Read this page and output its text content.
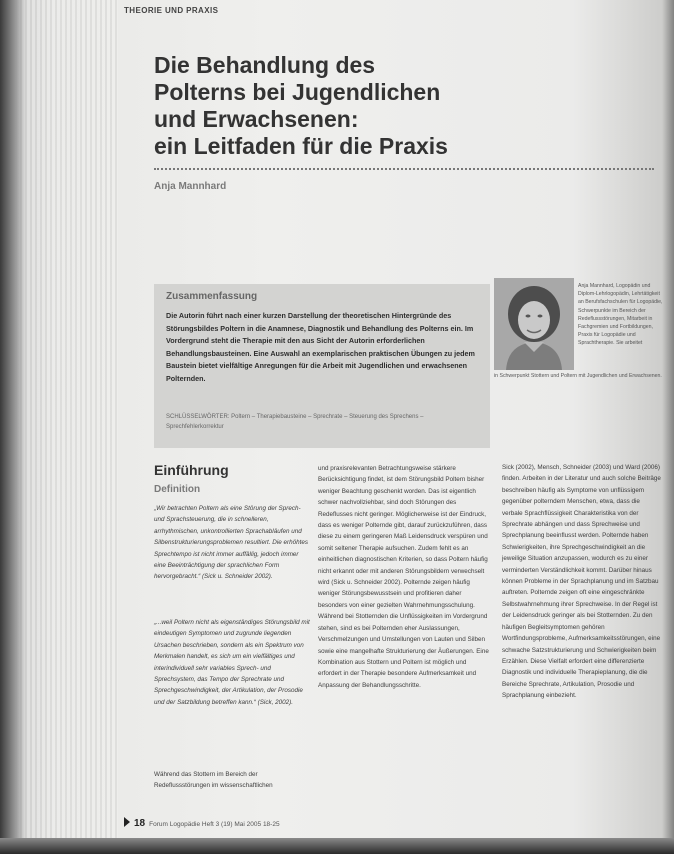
THEORIE UND PRAXIS
Die Behandlung des
Polterns bei Jugendlichen
und Erwachsenen:
ein Leitfaden für die Praxis
Anja Mannhard
Zusammenfassung
Die Autorin führt nach einer kurzen Darstellung der theoretischen Hintergründe des Störungsbildes Poltern in die Anamnese, Diagnostik und Behandlung des Polterns ein. Im Vordergrund steht die Therapie mit den aus Sicht der Autorin erforderlichen Behandlungsbausteinen. Eine Auswahl an exemplarischen praktischen Übungen zu jedem Baustein bietet vielfältige Anregungen für die Arbeit mit Jugendlichen und erwachsenen Polternden.
SCHLÜSSELWÖRTER: Poltern – Therapiebausteine – Sprechrate – Steuerung des Sprechens – Sprechfehlerkorrektur
Anja Mannhard, Logopädin und Diplom-Lehrlogopädin, Lehrtätigkeit an Berufsfachschulen für Logopädie, Schwerpunkte im Bereich der Redeflussstörungen, Mitarbeit in Fachgremien und Fortbildungen, Praxis für Logopädie und Sprachtherapie. Sie arbeitet
in Schwerpunkt Stottern und Poltern mit Jugendlichen und Erwachsenen.
Einführung
Definition
„Wir betrachten Poltern als eine Störung der Sprech- und Sprachsteuerung, die in schnelleren, arrhythmischen, unkontrollierten Sprachabläufen und Silbenstrukturierungsproblemen resultiert. Die erhöhtes Sprechtempo ist nicht immer auffällig, jedoch immer eine Beeinträchtigung der sprachlichen Form hervorgebracht.“ (Sick u. Schneider 2002).
„...weil Poltern nicht als eigenständiges Störungsbild mit eindeutigen Symptomen und zugrunde liegenden Ursachen beschrieben, sondern als ein Spektrum von Merkmalen handelt, es sich um ein vielfältiges und interindividuell sehr variables Sprech- und Sprechsystem, das Tempo der Sprechrate und Sprechgeschwindigkeit, der Artikulation, der Prosodie und der Satzbildung betreffen kann.“ (Sick, 2002).
Während das Stottern im Bereich der Redeflussstörungen im wissenschaftlichen
und praxisrelevanten Betrachtungsweise stärkere Berücksichtigung findet, ist dem Störungsbild Poltern bisher weniger Beachtung geschenkt worden. Das ist eigentlich schwer nachvollziehbar, sind doch Störungen des Redeflusses nicht geringer. Möglicherweise ist der Eindruck, dass es weniger Polternde gibt, darauf zurückzuführen, dass diese zu einem geringeren Maß Leidensdruck verspüren und somit seltener Therapie aufsuchen. Zudem fehlt es an einheitlichen diagnostischen Kriterien, so dass Poltern häufig nicht erkannt oder mit anderen Störungsbildern verwechselt wird (Sick u. Schneider 2002). Polternde zeigen häufig weniger Störungsbewusstsein und profitieren daher besonders von einer gezielten Wahrnehmungsschulung. Während bei Stotternden die Unflüssigkeiten im Vordergrund stehen, sind es bei Polternden eher Auslassungen, Verschmelzungen und Umstellungen von Lauten und Silben sowie eine mangelhafte Strukturierung der Äußerungen. Eine Kombination aus Stottern und Poltern ist möglich und erfordert in der Therapie besondere Aufmerksamkeit und Anpassung der Behandlungsschritte.
Sick (2002), Mensch, Schneider (2003) und Ward (2006) finden. Arbeiten in der Literatur und auch solche Beiträge beschreiben häufig als Symptome von unflüssigem gegenüber polterndem Menschen, etwa, dass die verbale Sprachflüssigkeit Charakteristika von der Sprechrate abhängen und dass Sprechweise und Sprechplanung beeinflusst werden. Polternde haben Schwierigkeiten, ihre Sprechgeschwindigkeit an die jeweilige Situation anzupassen, wodurch es zu einer verminderten Verständlichkeit kommt. Darüber hinaus können Probleme in der Sprachplanung und im Satzbau auftreten. Polternde zeigen oft eine eingeschränkte Selbstwahrnehmung ihrer Sprechweise. In der Regel ist der Leidensdruck geringer als bei Stotternden. Zu den häufigen Begleitsymptomen gehören Wortfindungsprobleme, Aufmerksamkeitsstörungen, eine schwache Satzstrukturierung und Schwierigkeiten beim Erzählen. Diese Vielfalt erfordert eine differenzierte Diagnostik und individuelle Therapieplanung, die die Bereiche Sprechrate, Artikulation, Prosodie und Sprachplanung einbezieht.
18 Forum Logopädie Heft 3 (19) Mai 2005 18-25
